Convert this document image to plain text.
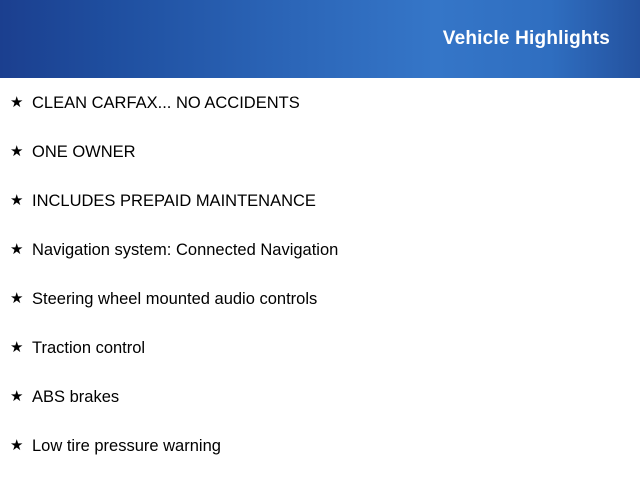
Vehicle Highlights
★ CLEAN CARFAX... NO ACCIDENTS
★ ONE OWNER
★ INCLUDES PREPAID MAINTENANCE
★ Navigation system: Connected Navigation
★ Steering wheel mounted audio controls
★ Traction control
★ ABS brakes
★ Low tire pressure warning
